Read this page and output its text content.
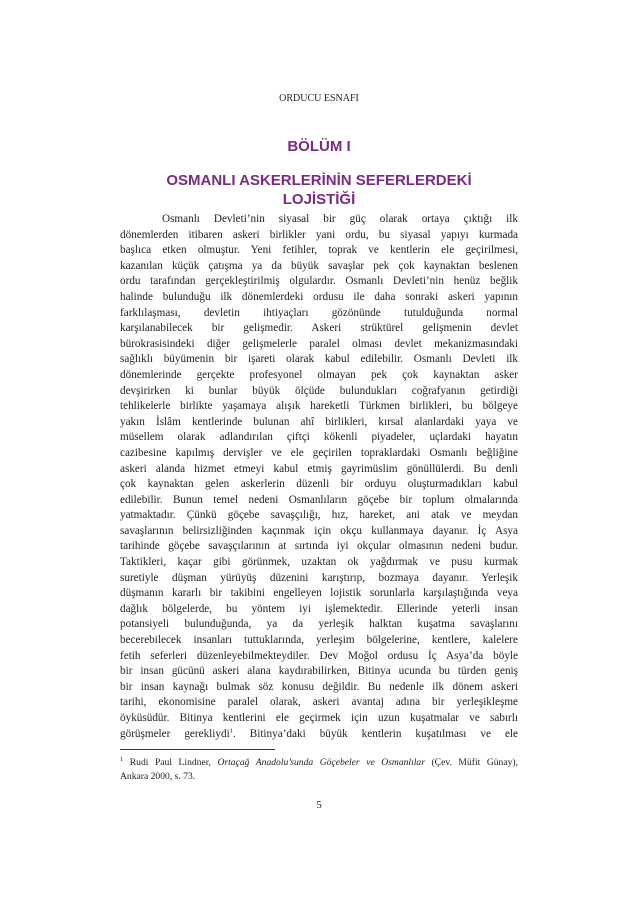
ORDUCU ESNAFI
BÖLÜM I
OSMANLI ASKERLERİNİN SEFERLERDEKİ
LOJİSTİĞİ
Osmanlı Devleti’nin siyasal bir güç olarak ortaya çıktığı ilk
dönemlerden itibaren askeri birlikler yani ordu, bu siyasal yapıyı kurmada
başlıca etken olmuştur. Yeni fetihler, toprak ve kentlerin ele geçirilmesi,
kazanılan küçük çatışma ya da büyük savaşlar pek çok kaynaktan beslenen
ordu tarafından gerçekleştirilmiş olgulardır. Osmanlı Devleti’nin henüz beğlik
halinde bulunduğu ilk dönemlerdeki ordusu ile daha sonraki askeri yapının
farklılaşması, devletin ihtiyaçları gözönünde tutulduğunda normal
karşılanabilecek bir gelişmedir. Askeri strüktürel gelişmenin devlet
bürokrasisindeki diğer gelişmelerle paralel olması devlet mekanizmasındaki
sağlıklı büyümenin bir işareti olarak kabul edilebilir. Osmanlı Devleti ilk
dönemlerinde gerçekte profesyonel olmayan pek çok kaynaktan asker
devşirirken ki bunlar büyük ölçüde bulundukları coğrafyanın getirdiği
tehlikelerle birlikte yaşamaya alışık hareketli Türkmen birlikleri, bu bölgeye
yakın İslâm kentlerinde bulunan ahî birlikleri, kırsal alanlardaki yaya ve
müsellem olarak adlandırılan çiftçi kökenli piyadeler, uçlardaki hayatın
cazibesine kapılmış dervişler ve ele geçirilen topraklardaki Osmanlı beğliğine
askeri alanda hizmet etmeyi kabul etmiş gayrimüslim gönüllülerdi. Bu denli
çok kaynaktan gelen askerlerin düzenli bir orduyu oluşturmadıkları kabul
edilebilir. Bunun temel nedeni Osmanlıların göçebe bir toplum olmalarında
yatmaktadır. Çünkü göçebe savaşçılığı, hız, hareket, ani atak ve meydan
savaşlarının belirsizliğinden kaçınmak için okçu kullanmaya dayanır. İç Asya
tarihinde göçebe savaşçılarının at sırtında iyi okçular olmasının nedeni budur.
Taktikleri, kaçar gibi görünmek, uzaktan ok yağdırmak ve pusu kurmak
suretiyle düşman yürüyüş düzenini karıştırıp, bozmaya dayanır. Yerleşik
düşmanın kararlı bir takibini engelleyen lojistik sorunlarla karşılaştığında veya
dağlık bölgelerde, bu yöntem iyi işlemektedir. Ellerinde yeterli insan
potansiyeli bulunduğunda, ya da yerleşik halktan kuşatma savaşlarını
becerebilecek insanları tuttuklarında, yerleşim bölgelerine, kentlere, kalelere
fetih seferleri düzenleyebilmekteydiler. Dev Moğol ordusu İç Asya’da böyle
bir insan gücünü askeri alana kaydırabilirken, Bitinya ucunda bu türden geniş
bir insan kaynağı bulmak söz konusu değildir. Bu nedenle ilk dönem askeri
tarihi, ekonomisine paralel olarak, askeri avantaj adına bir yerleşikleşme
öyküsüdür. Bitinya kentlerini ele geçirmek için uzun kuşatmalar ve sabırlı
görüşmeler gerekliydi$^1$. Bitinya’daki büyük kentlerin kuşatılması ve ele
$^1$ Rudi Paul Lindner, Ortaçağ Anadolu’sunda Göçebeler ve Osmanlılar (Çev. Müfit Günay),
Ankara 2000, s. 73.
5
